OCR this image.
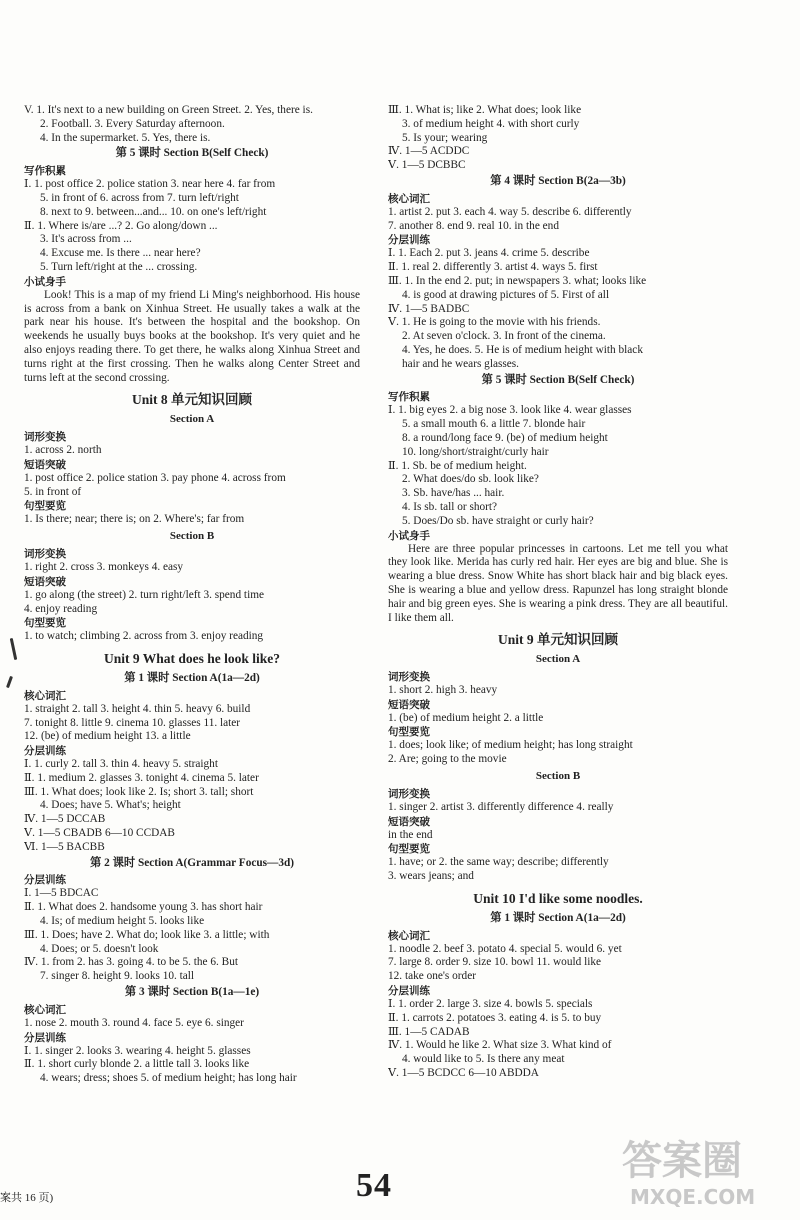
V. 1. It's next to a new building on Green Street. 2. Yes, there is.
2. Football. 3. Every Saturday afternoon.
4. In the supermarket. 5. Yes, there is.
第 5 课时 Section B(Self Check)
写作积累
Ⅰ. 1. post office 2. police station 3. near here 4. far from
5. in front of 6. across from 7. turn left/right
8. next to 9. between...and... 10. on one's left/right
Ⅱ. 1. Where is/are ...? 2. Go along/down ...
3. It's across from ...
4. Excuse me. Is there ... near here?
5. Turn left/right at the ... crossing.
小试身手
Look! This is a map of my friend Li Ming's neighborhood. His house is across from a bank on Xinhua Street. He usually takes a walk at the park near his house. It's between the hospital and the bookshop. On weekends he usually buys books at the bookshop. It's very quiet and he also enjoys reading there. To get there, he walks along Xinhua Street and turns right at the first crossing. Then he walks along Center Street and turns left at the second crossing.
Unit 8 单元知识回顾
Section A
词形变换
1. across 2. north
短语突破
1. post office 2. police station 3. pay phone 4. across from
5. in front of
句型要览
1. Is there; near; there is; on 2. Where's; far from
Section B
词形变换
1. right 2. cross 3. monkeys 4. easy
短语突破
1. go along (the street) 2. turn right/left 3. spend time
4. enjoy reading
句型要览
1. to watch; climbing 2. across from 3. enjoy reading
Unit 9 What does he look like?
第 1 课时 Section A(1a—2d)
核心词汇
1. straight 2. tall 3. height 4. thin 5. heavy 6. build
7. tonight 8. little 9. cinema 10. glasses 11. later
12. (be) of medium height 13. a little
分层训练
Ⅰ. 1. curly 2. tall 3. thin 4. heavy 5. straight
Ⅱ. 1. medium 2. glasses 3. tonight 4. cinema 5. later
Ⅲ. 1. What does; look like 2. Is; short 3. tall; short
4. Does; have 5. What's; height
Ⅳ. 1—5 DCCAB
Ⅴ. 1—5 CBADB 6—10 CCDAB
Ⅵ. 1—5 BACBB
第 2 课时 Section A(Grammar Focus—3d)
分层训练
Ⅰ. 1—5 BDCAC
Ⅱ. 1. What does 2. handsome young 3. has short hair
4. Is; of medium height 5. looks like
Ⅲ. 1. Does; have 2. What do; look like 3. a little; with
4. Does; or 5. doesn't look
Ⅳ. 1. from 2. has 3. going 4. to be 5. the 6. But
7. singer 8. height 9. looks 10. tall
第 3 课时 Section B(1a—1e)
核心词汇
1. nose 2. mouth 3. round 4. face 5. eye 6. singer
分层训练
Ⅰ. 1. singer 2. looks 3. wearing 4. height 5. glasses
Ⅱ. 1. short curly blonde 2. a little tall 3. looks like
4. wears; dress; shoes 5. of medium height; has long hair
Ⅲ. 1. What is; like 2. What does; look like
3. of medium height 4. with short curly
5. Is your; wearing
Ⅳ. 1—5 ACDDC
Ⅴ. 1—5 DCBBC
第 4 课时 Section B(2a—3b)
核心词汇
1. artist 2. put 3. each 4. way 5. describe 6. differently
7. another 8. end 9. real 10. in the end
分层训练
Ⅰ. 1. Each 2. put 3. jeans 4. crime 5. describe
Ⅱ. 1. real 2. differently 3. artist 4. ways 5. first
Ⅲ. 1. In the end 2. put; in newspapers 3. what; looks like
4. is good at drawing pictures of 5. First of all
Ⅳ. 1—5 BADBC
Ⅴ. 1. He is going to the movie with his friends.
2. At seven o'clock. 3. In front of the cinema.
4. Yes, he does. 5. He is of medium height with black
hair and he wears glasses.
第 5 课时 Section B(Self Check)
写作积累
Ⅰ. 1. big eyes 2. a big nose 3. look like 4. wear glasses
5. a small mouth 6. a little 7. blonde hair
8. a round/long face 9. (be) of medium height
10. long/short/straight/curly hair
Ⅱ. 1. Sb. be of medium height.
2. What does/do sb. look like?
3. Sb. have/has ... hair.
4. Is sb. tall or short?
5. Does/Do sb. have straight or curly hair?
小试身手
Here are three popular princesses in cartoons. Let me tell you what they look like. Merida has curly red hair. Her eyes are big and blue. She is wearing a blue dress. Snow White has short black hair and big black eyes. She is wearing a blue and yellow dress. Rapunzel has long straight blonde hair and big green eyes. She is wearing a pink dress. They are all beautiful. I like them all.
Unit 9 单元知识回顾
Section A
词形变换
1. short 2. high 3. heavy
短语突破
1. (be) of medium height 2. a little
句型要览
1. does; look like; of medium height; has long straight
2. Are; going to the movie
Section B
词形变换
1. singer 2. artist 3. differently difference 4. really
短语突破
in the end
句型要览
1. have; or 2. the same way; describe; differently
3. wears jeans; and
Unit 10 I'd like some noodles.
第 1 课时 Section A(1a—2d)
核心词汇
1. noodle 2. beef 3. potato 4. special 5. would 6. yet
7. large 8. order 9. size 10. bowl 11. would like
12. take one's order
分层训练
Ⅰ. 1. order 2. large 3. size 4. bowls 5. specials
Ⅱ. 1. carrots 2. potatoes 3. eating 4. is 5. to buy
Ⅲ. 1—5 CADAB
Ⅳ. 1. Would he like 2. What size 3. What kind of
4. would like to 5. Is there any meat
Ⅴ. 1—5 BCDCC 6—10 ABDDA
案共 16 页)	54
答案圈
MXQE.COM
